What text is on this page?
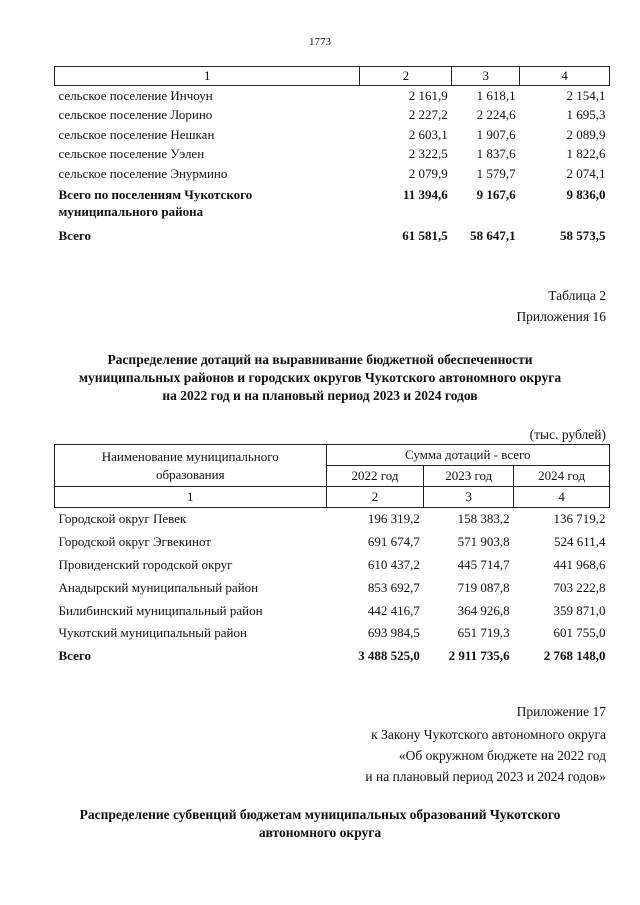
1773
1	2	3	4
сельское поселение Инчоун	2 161,9	1 618,1	2 154,1
сельское поселение Лорино	2 227,2	2 224,6	1 695,3
сельское поселение Нешкан	2 603,1	1 907,6	2 089,9
сельское поселение Уэлен	2 322,5	1 837,6	1 822,6
сельское поселение Энурмино	2 079,9	1 579,7	2 074,1

Всего по поселениям Чукотского
муниципального района	11 394,6	9 167,6	9 836,0
Всего	61 581,5	58 647,1	58 573,5
Таблица 2
Приложения 16
Распределение дотаций на выравнивание бюджетной обеспеченности
муниципальных районов и городских округов Чукотского автономного округа
на 2022 год и на плановый период 2023 и 2024 годов
(тыс. рублей)
Наименование муниципального
образования	Сумма дотаций - всего		
	2022 год	2023 год	2024 год
1	2	3	4
Городской округ Певек	196 319,2	158 383,2	136 719,2
Городской округ Эгвекинот	691 674,7	571 903,8	524 611,4
Провиденский городской округ	610 437,2	445 714,7	441 968,6
Анадырский муниципальный район	853 692,7	719 087,8	703 222,8
Билибинский муниципальный район	442 416,7	364 926,8	359 871,0
Чукотский муниципальный район	693 984,5	651 719,3	601 755,0
Всего	3 488 525,0	2 911 735,6	2 768 148,0
Приложение 17
к Закону Чукотского автономного округа
«Об окружном бюджете на 2022 год
и на плановый период 2023 и 2024 годов»
Распределение субвенций бюджетам муниципальных образований Чукотского
автономного округа
